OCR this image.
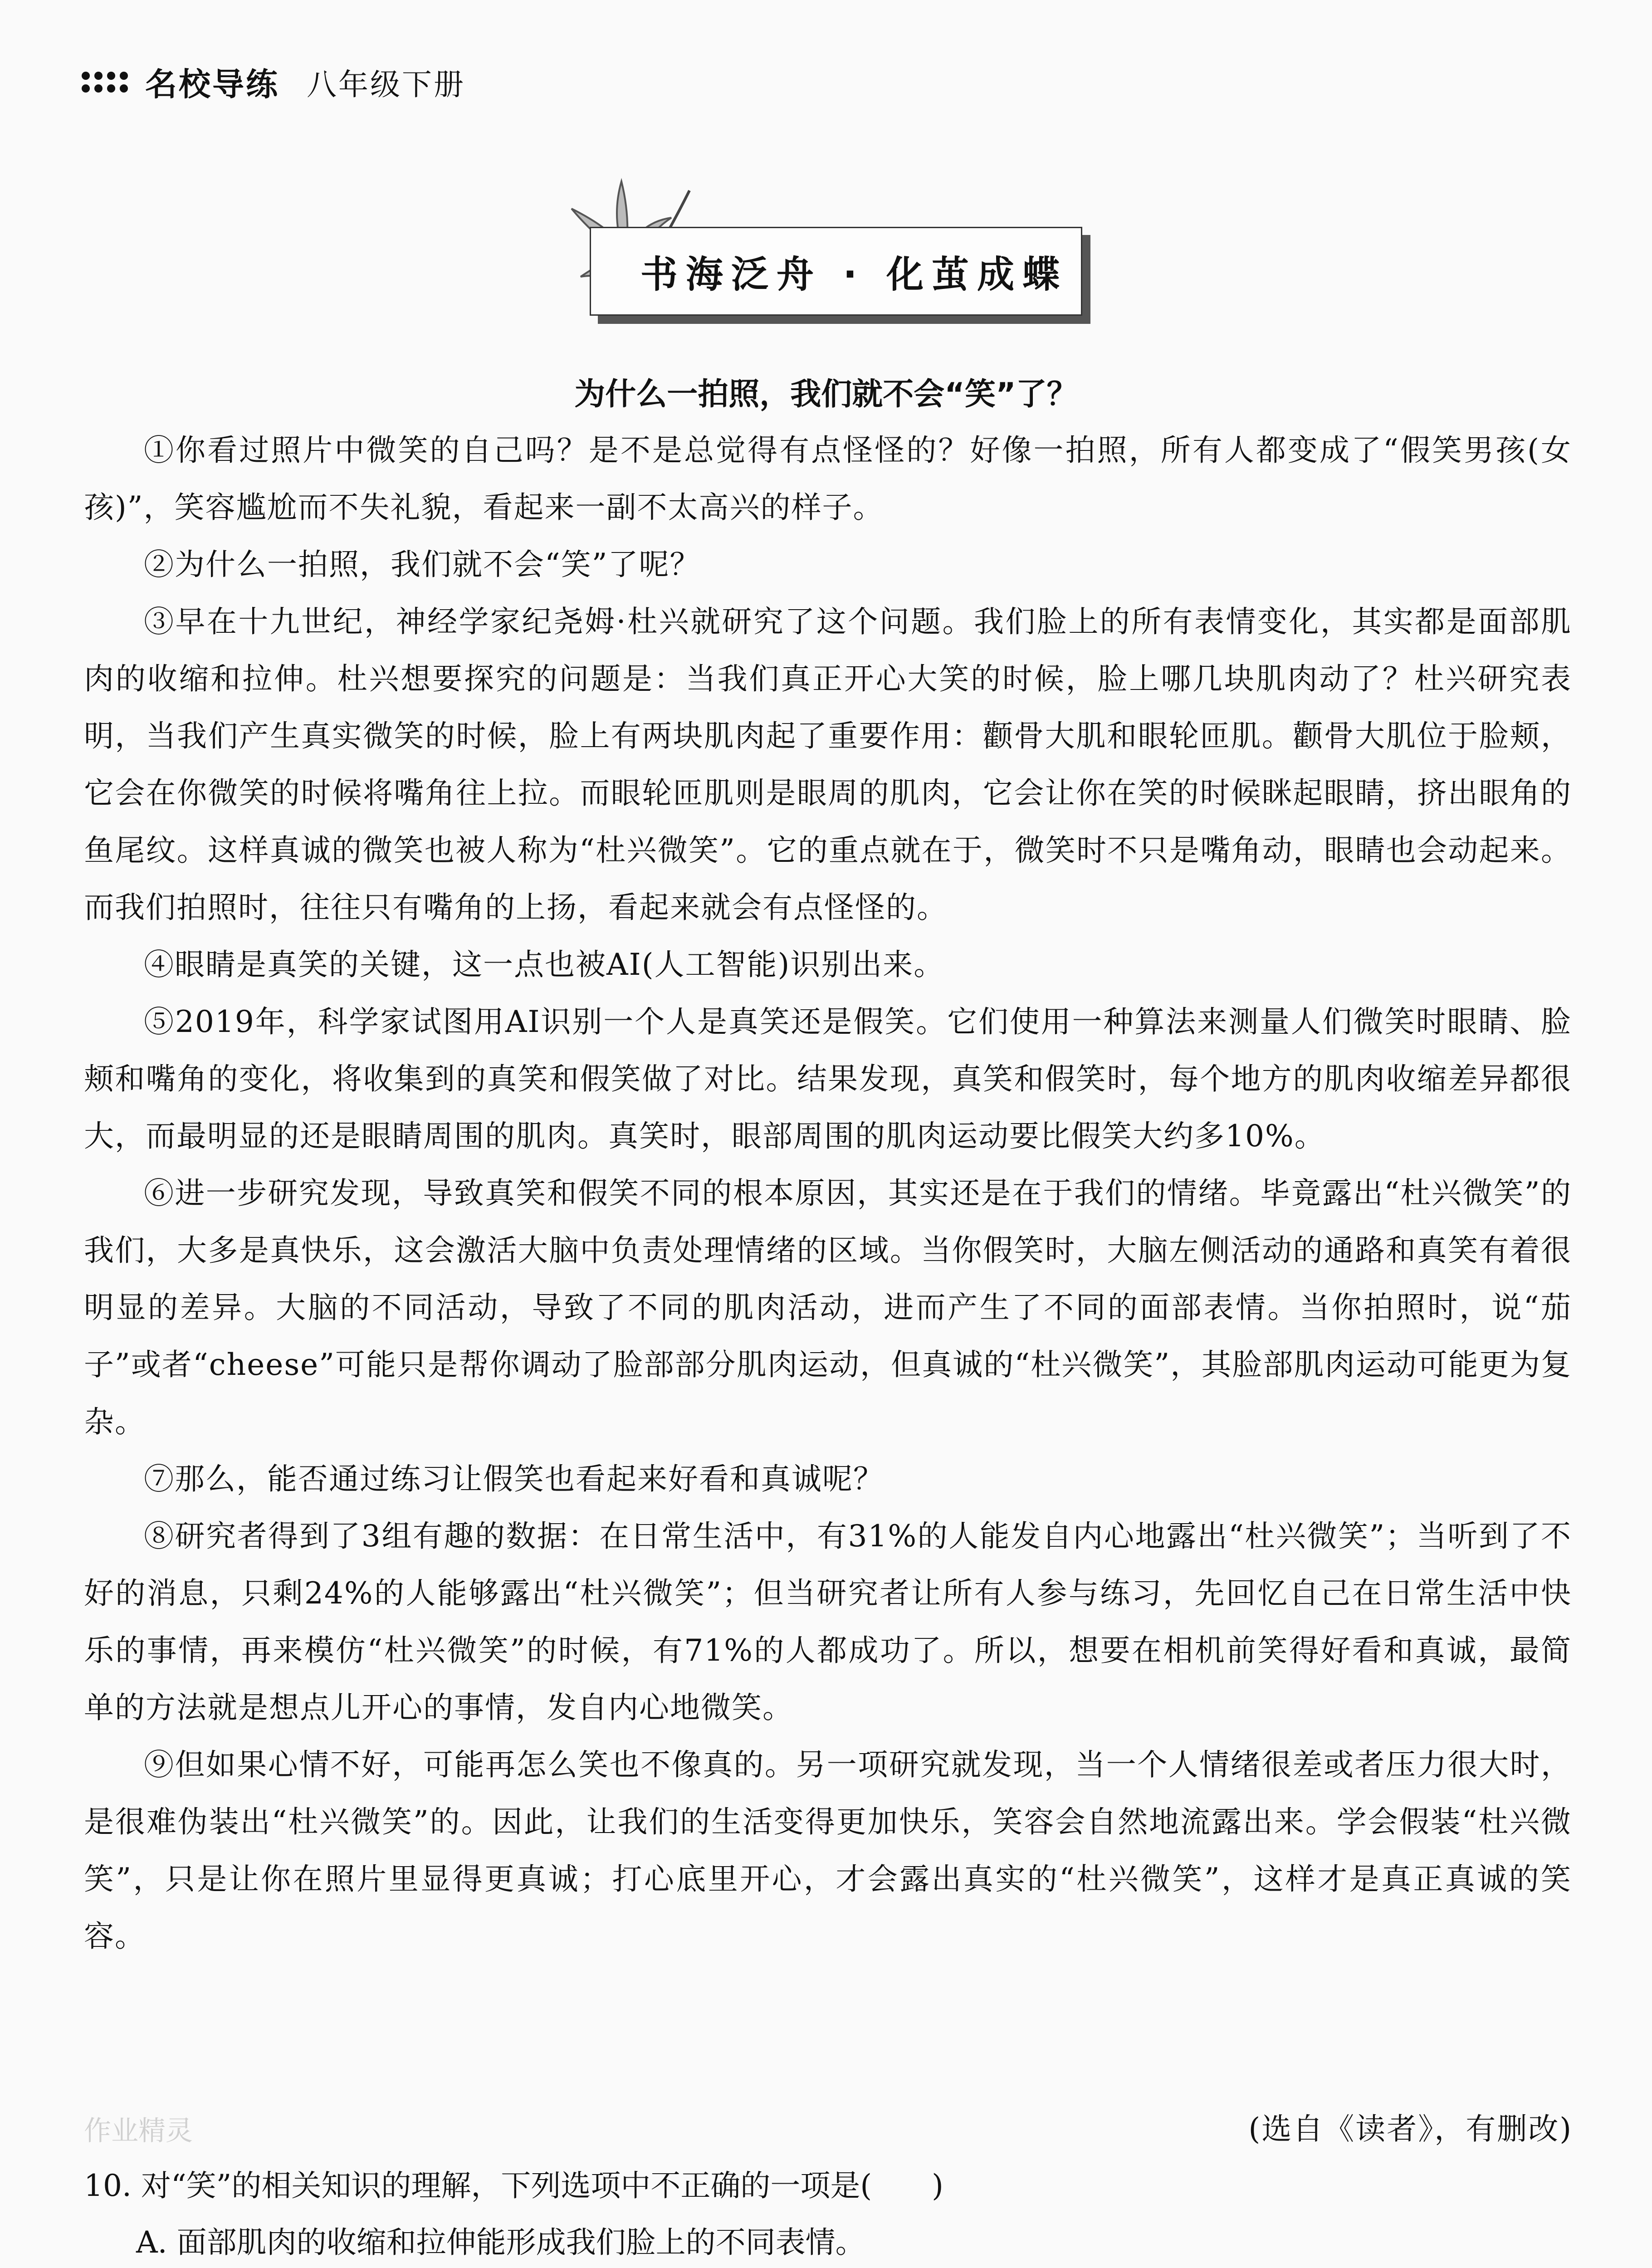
名校导练 八年级下册
书海泛舟 · 化茧成蝶
为什么一拍照，我们就不会“笑”了？

①你看过照片中微笑的自己吗？是不是总觉得有点怪怪的？好像一拍照，所有人都变成了“假笑男孩(女孩)”，笑容尴尬而不失礼貌，看起来一副不太高兴的样子。

②为什么一拍照，我们就不会“笑”了呢？

③早在十九世纪，神经学家纪尧姆·杜兴就研究了这个问题。我们脸上的所有表情变化，其实都是面部肌肉的收缩和拉伸。杜兴想要探究的问题是：当我们真正开心大笑的时候，脸上哪几块肌肉动了？杜兴研究表明，当我们产生真实微笑的时候，脸上有两块肌肉起了重要作用：颧骨大肌和眼轮匝肌。颧骨大肌位于脸颊，它会在你微笑的时候将嘴角往上拉。而眼轮匝肌则是眼周的肌肉，它会让你在笑的时候眯起眼睛，挤出眼角的鱼尾纹。这样真诚的微笑也被人称为“杜兴微笑”。它的重点就在于，微笑时不只是嘴角动，眼睛也会动起来。而我们拍照时，往往只有嘴角的上扬，看起来就会有点怪怪的。

④眼睛是真笑的关键，这一点也被AI(人工智能)识别出来。

⑤2019年，科学家试图用AI识别一个人是真笑还是假笑。它们使用一种算法来测量人们微笑时眼睛、脸颊和嘴角的变化，将收集到的真笑和假笑做了对比。结果发现，真笑和假笑时，每个地方的肌肉收缩差异都很大，而最明显的还是眼睛周围的肌肉。真笑时，眼部周围的肌肉运动要比假笑大约多10%。

⑥进一步研究发现，导致真笑和假笑不同的根本原因，其实还是在于我们的情绪。毕竟露出“杜兴微笑”的我们，大多是真快乐，这会激活大脑中负责处理情绪的区域。当你假笑时，大脑左侧活动的通路和真笑有着很明显的差异。大脑的不同活动，导致了不同的肌肉活动，进而产生了不同的面部表情。当你拍照时，说“茄子”或者“cheese”可能只是帮你调动了脸部部分肌肉运动，但真诚的“杜兴微笑”，其脸部肌肉运动可能更为复杂。

⑦那么，能否通过练习让假笑也看起来好看和真诚呢？

⑧研究者得到了3组有趣的数据：在日常生活中，有31%的人能发自内心地露出“杜兴微笑”；当听到了不好的消息，只剩24%的人能够露出“杜兴微笑”；但当研究者让所有人参与练习，先回忆自己在日常生活中快乐的事情，再来模仿“杜兴微笑”的时候，有71%的人都成功了。所以，想要在相机前笑得好看和真诚，最简单的方法就是想点儿开心的事情，发自内心地微笑。

⑨但如果心情不好，可能再怎么笑也不像真的。另一项研究就发现，当一个人情绪很差或者压力很大时，是很难伪装出“杜兴微笑”的。因此，让我们的生活变得更加快乐，笑容会自然地流露出来。学会假装“杜兴微笑”，只是让你在照片里显得更真诚；打心底里开心，才会露出真实的“杜兴微笑”，这样才是真正真诚的笑容。

作业精灵	(选自《读者》，有删改)
10. 对“笑”的相关知识的理解，下列选项中不正确的一项是(　　)
A. 面部肌肉的收缩和拉伸能形成我们脸上的不同表情。
